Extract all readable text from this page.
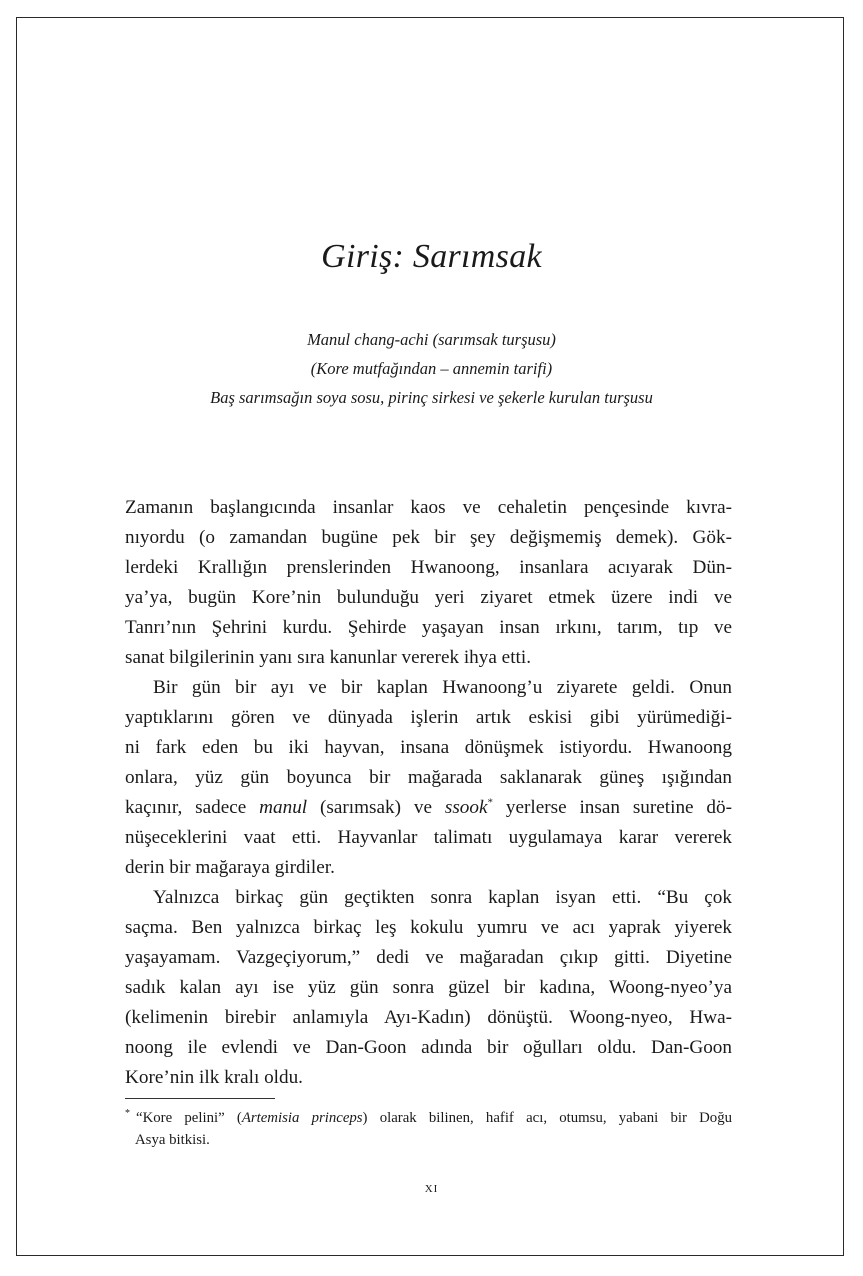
Giriş: Sarımsak
Manul chang-achi (sarımsak turşusu)
(Kore mutfağından – annemin tarifi)
Baş sarımsağın soya sosu, pirinç sirkesi ve şekerle kurulan turşusu
Zamanın başlangıcında insanlar kaos ve cehaletin pençesinde kıvra-
nıyordu (o zamandan bugüne pek bir şey değişmemiş demek). Gök-
lerdeki Krallığın prenslerinden Hwanoong, insanlara acıyarak Dün-
ya’ya, bugün Kore’nin bulunduğu yeri ziyaret etmek üzere indi ve
Tanrı’nın Şehrini kurdu. Şehirde yaşayan insan ırkını, tarım, tıp ve
sanat bilgilerinin yanı sıra kanunlar vererek ihya etti.
Bir gün bir ayı ve bir kaplan Hwanoong’u ziyarete geldi. Onun
yaptıklarını gören ve dünyada işlerin artık eskisi gibi yürümediği-
ni fark eden bu iki hayvan, insana dönüşmek istiyordu. Hwanoong
onlara, yüz gün boyunca bir mağarada saklanarak güneş ışığından
kaçınır, sadece manul (sarımsak) ve ssook* yerlerse insan suretine dö-
nüşeceklerini vaat etti. Hayvanlar talimatı uygulamaya karar vererek
derin bir mağaraya girdiler.
Yalnızca birkaç gün geçtikten sonra kaplan isyan etti. “Bu çok
saçma. Ben yalnızca birkaç leş kokulu yumru ve acı yaprak yiyerek
yaşayamam. Vazgeçiyorum,” dedi ve mağaradan çıkıp gitti. Diyetine
sadık kalan ayı ise yüz gün sonra güzel bir kadına, Woong-nyeo’ya
(kelimenin birebir anlamıyla Ayı-Kadın) dönüştü. Woong-nyeo, Hwa-
noong ile evlendi ve Dan-Goon adında bir oğulları oldu. Dan-Goon
Kore’nin ilk kralı oldu.
* “Kore pelini” (Artemisia princeps) olarak bilinen, hafif acı, otumsu, yabani bir Doğu
Asya bitkisi.
xi
